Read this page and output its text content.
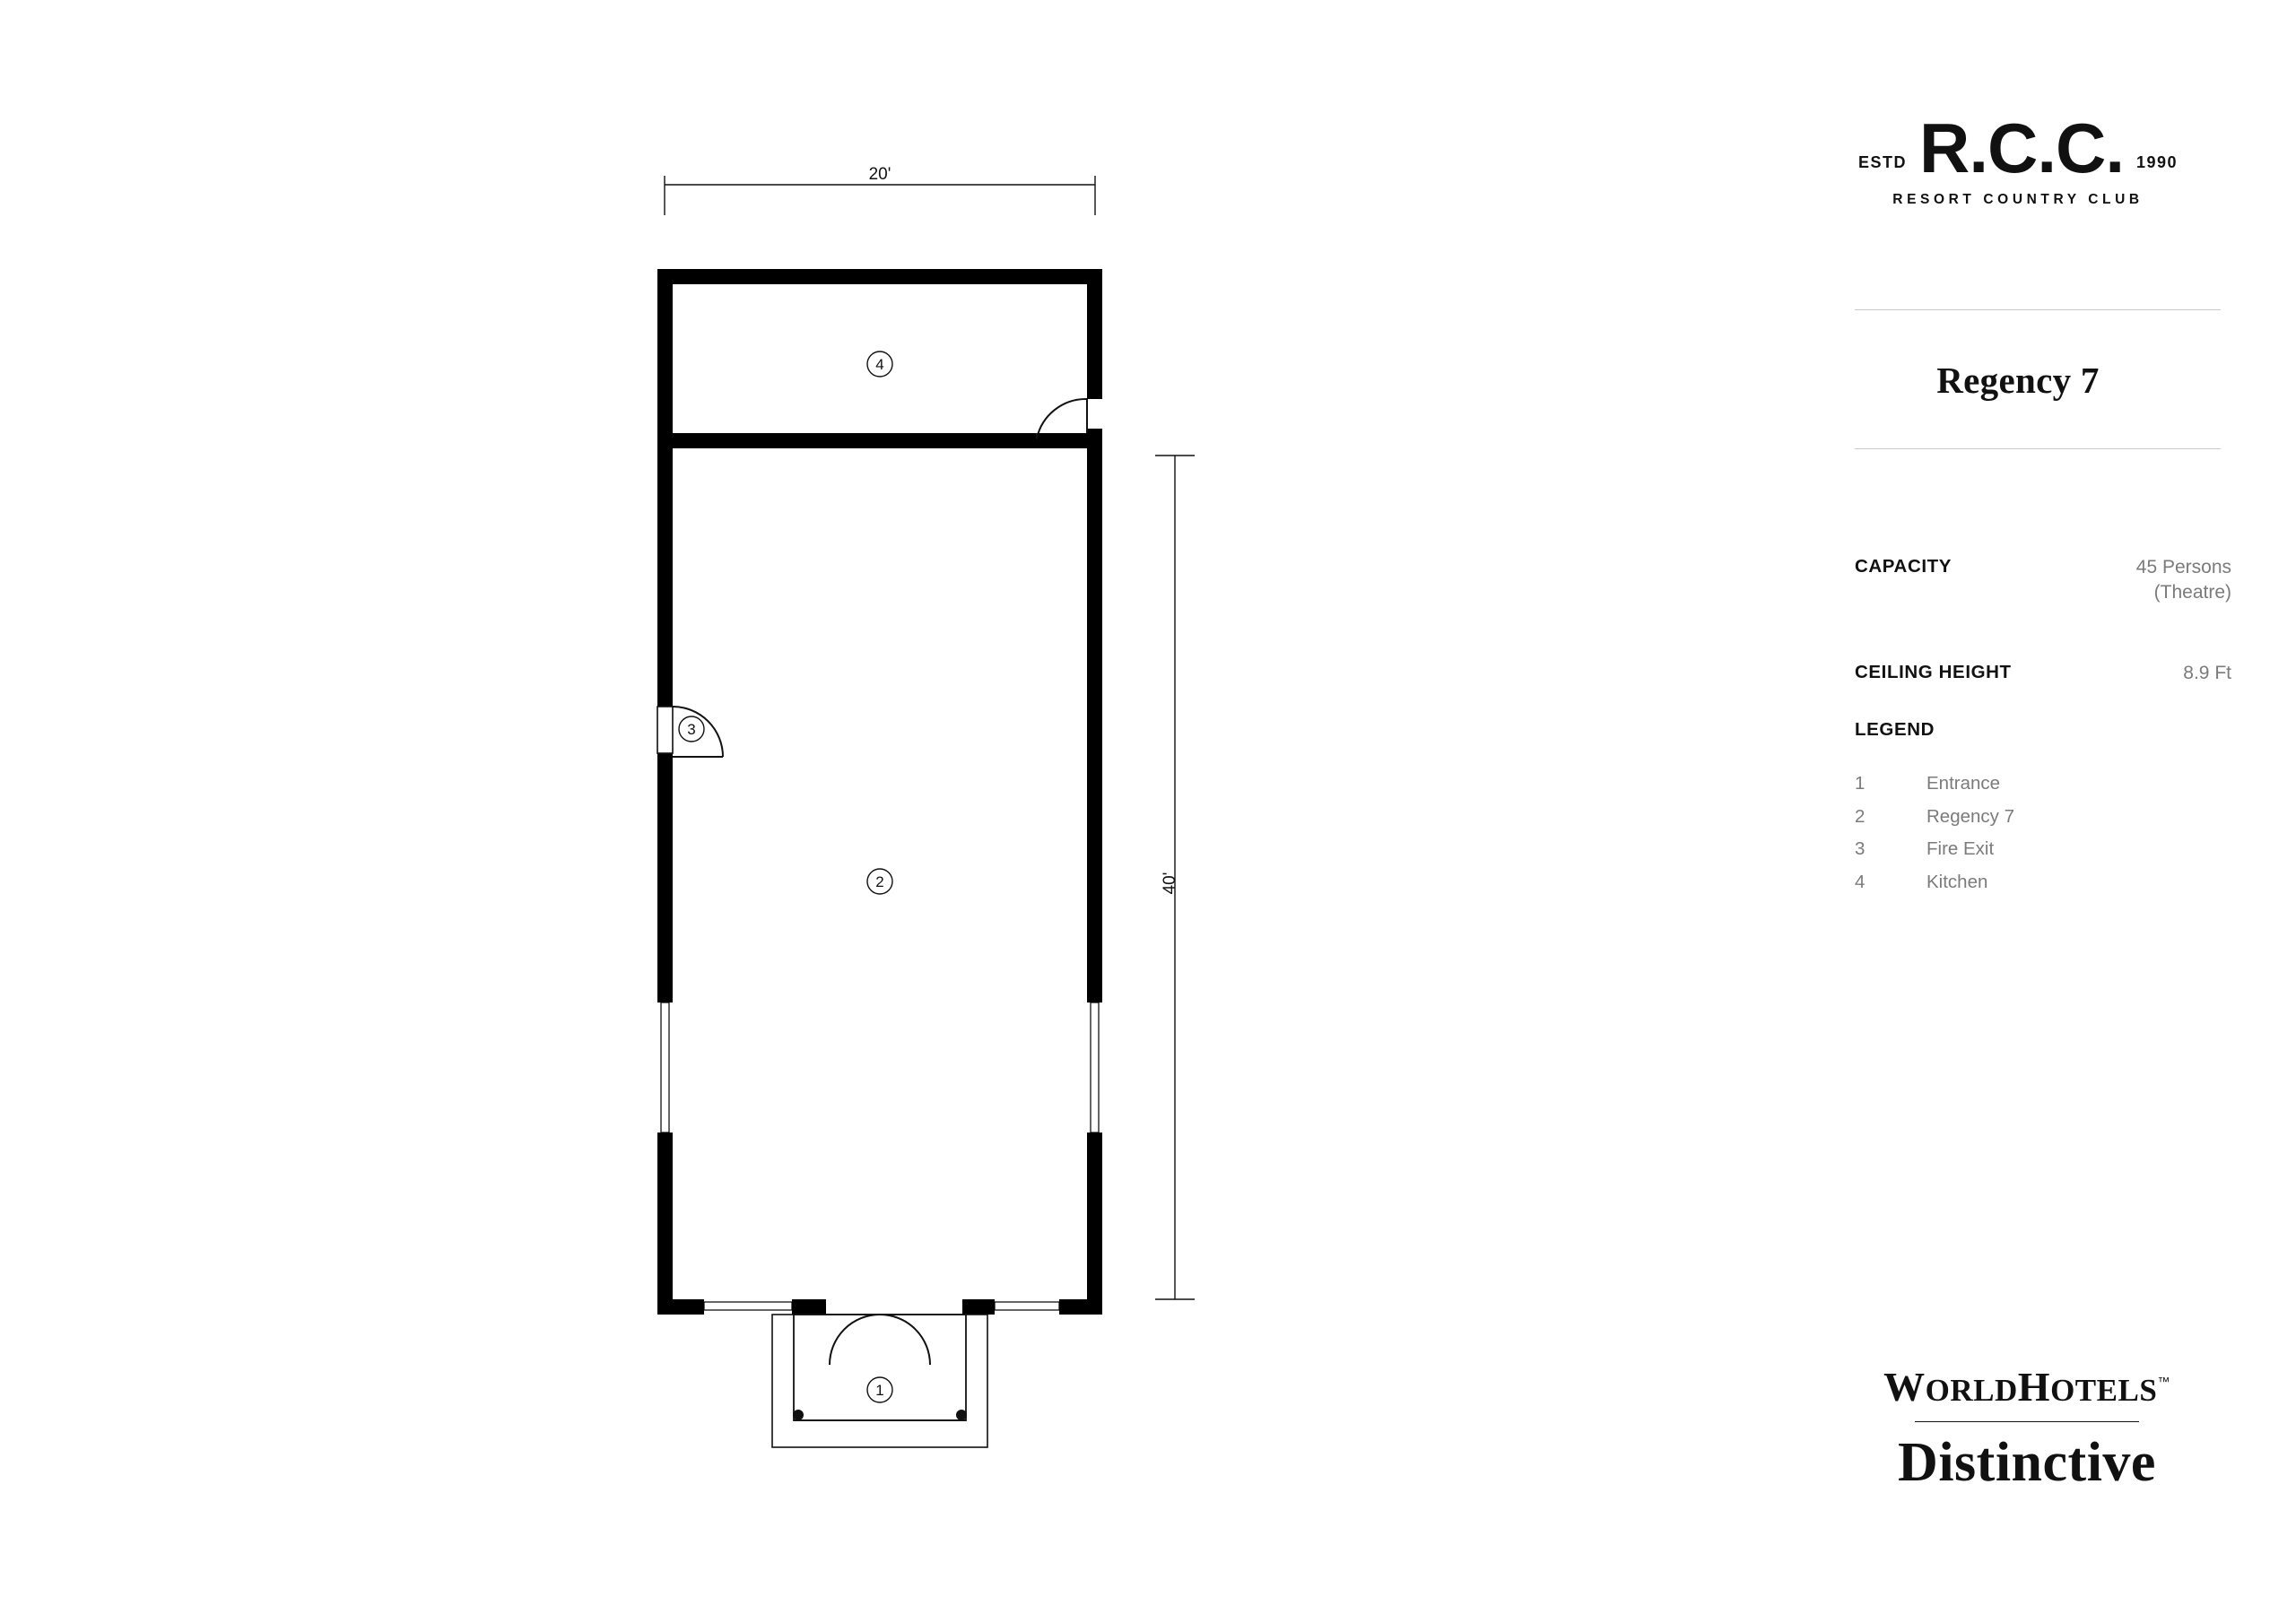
20'
40'
4
3
2
1
ESTD R.C.C. 1990
RESORT COUNTRY CLUB
Regency 7
CAPACITY	45 Persons
(Theatre)
CEILING HEIGHT	8.9 Ft
LEGEND
1	Entrance
2	Regency 7
3	Fire Exit
4	Kitchen
WORLDHOTELS™
Distinctive
